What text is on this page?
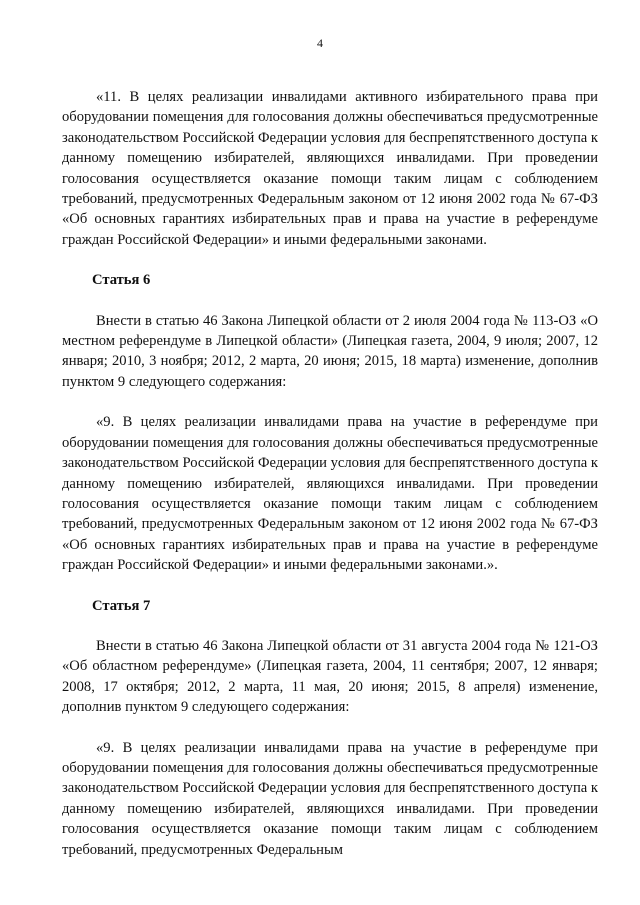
4

«11. В целях реализации инвалидами активного избирательного права при оборудовании помещения для голосования должны обеспечиваться предусмотренные законодательством Российской Федерации условия для беспрепятственного доступа к данному помещению избирателей, являющихся инвалидами. При проведении голосования осуществляется оказание помощи таким лицам с соблюдением требований, предусмотренных Федеральным законом от 12 июня 2002 года № 67-ФЗ «Об основных гарантиях избирательных прав и права на участие в референдуме граждан Российской Федерации» и иными федеральными законами.

Статья 6

Внести в статью 46 Закона Липецкой области от 2 июля 2004 года № 113-ОЗ «О местном референдуме в Липецкой области» (Липецкая газета, 2004, 9 июля; 2007, 12 января; 2010, 3 ноября; 2012, 2 марта, 20 июня; 2015, 18 марта) изменение, дополнив пунктом 9 следующего содержания:

«9. В целях реализации инвалидами права на участие в референдуме при оборудовании помещения для голосования должны обеспечиваться предусмотренные законодательством Российской Федерации условия для беспрепятственного доступа к данному помещению избирателей, являющихся инвалидами. При проведении голосования осуществляется оказание помощи таким лицам с соблюдением требований, предусмотренных Федеральным законом от 12 июня 2002 года № 67-ФЗ «Об основных гарантиях избирательных прав и права на участие в референдуме граждан Российской Федерации» и иными федеральными законами.».

Статья 7

Внести в статью 46 Закона Липецкой области от 31 августа 2004 года № 121-ОЗ «Об областном референдуме» (Липецкая газета, 2004, 11 сентября; 2007, 12 января; 2008, 17 октября; 2012, 2 марта, 11 мая, 20 июня; 2015, 8 апреля) изменение, дополнив пунктом 9 следующего содержания:

«9. В целях реализации инвалидами права на участие в референдуме при оборудовании помещения для голосования должны обеспечиваться предусмотренные законодательством Российской Федерации условия для беспрепятственного доступа к данному помещению избирателей, являющихся инвалидами. При проведении голосования осуществляется оказание помощи таким лицам с соблюдением требований, предусмотренных Федеральным
